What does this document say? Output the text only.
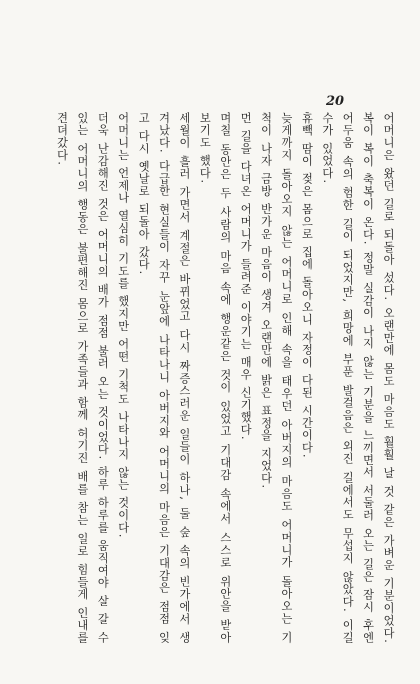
20

어머니은 왔던 길로 되돌아 섰다. 오랜만에 몸도 마음도 훨훨 날 것 같은 가벼운 기분이었다. 복이 복이 축복이 온다. 정말 실감이 나지 않는 기분을 느끼면서 서둘러 오는 길은 잠시 후엔 어두움 속의 험한 길이 되었지만, 희망에 부푼 발걸음은 외진 길에서도 무섭지 않았다. 이길 수가 있었다.

휴빽 땀이 젖은 몸으로 집에 돌아오니 자정이 다된 시간이다.

늦게까지 돌아오지 않는 어머니로 인해 속을 태우던 아버지의 마음도 어머니가 돌아오는 기척이 나자 금방 반가운 마음이 생겨 오랜만에 밝은 표정을 지었다.

먼 길을 다녀온 어머니가 들려준 이야기는 매우 신기했다.

며칠 동안은 두 사람의 마음 속에 행운같은 것이 있었고 기대감 속에서 스스로 위안을 받아 보기도 했다.

세월이 흘러 가면서 계절은 바뀌었고 다시 짜증스러운 일들이 하나, 둘 숲 속의 빈가에서 생겨났다. 다급한 현실들이 자꾸 눈앞에 나타나니 아버지와 어머니의 마음은 기대감은 점점 잊고 다시 옛날로 되돌아 갔다.

어머니는 언제나 열심히 기도를 했지만 어떤 기척도 나타나지 않는 것이다.

더욱 난감해진 것은 어머니의 배가 점점 불러 오는 것이었다. 하루 하루를 움직여야 살 갈 수 있는 어머니의 행동은 불편해진 몸으로 가족들과 함께 허기진 배를 참는 일로 힘들게 인내를 견뎌갔다.
